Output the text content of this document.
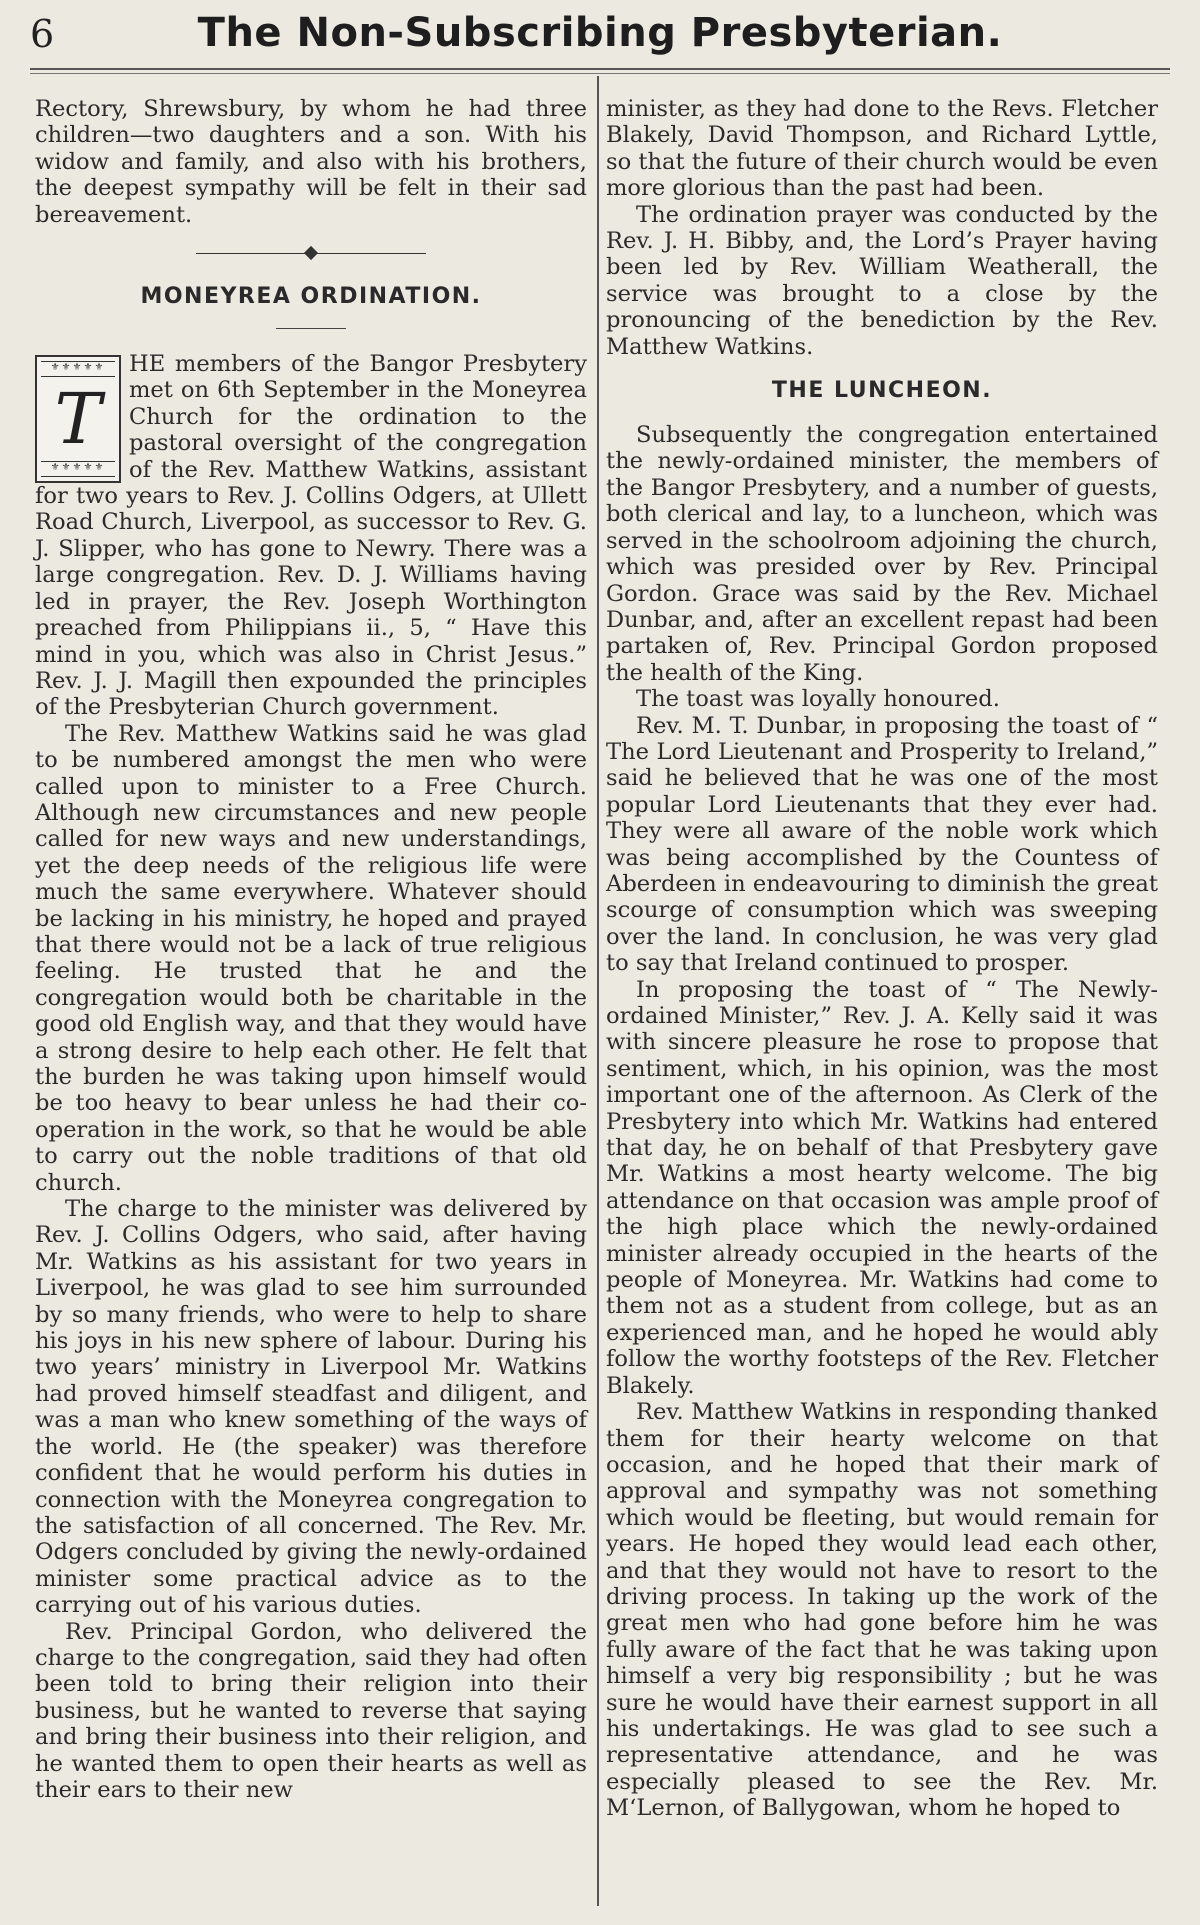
6	The Non-Subscribing Presbyterian.

Rectory, Shrewsbury, by whom he had three children—two daughters and a son. With his widow and family, and also with his brothers, the deepest sympathy will be felt in their sad bereavement.

MONEYREA ORDINATION.
⚜⚜⚜⚜⚜
T
⚜⚜⚜⚜⚜

HE members of the Bangor Presbytery met on 6th September in the Moneyrea Church for the ordination to the pastoral oversight of the congregation of the Rev. Matthew Watkins, assistant for two years to Rev. J. Collins Odgers, at Ullett Road Church, Liverpool, as successor to Rev. G. J. Slipper, who has gone to Newry. There was a large congregation. Rev. D. J. Williams having led in prayer, the Rev. Joseph Worthington preached from Philippians ii., 5, “ Have this mind in you, which was also in Christ Jesus.” Rev. J. J. Magill then expounded the principles of the Presbyterian Church government.

The Rev. Matthew Watkins said he was glad to be numbered amongst the men who were called upon to minister to a Free Church. Although new circumstances and new people called for new ways and new understandings, yet the deep needs of the religious life were much the same everywhere. Whatever should be lacking in his ministry, he hoped and prayed that there would not be a lack of true religious feeling. He trusted that he and the congregation would both be charitable in the good old English way, and that they would have a strong desire to help each other. He felt that the burden he was taking upon himself would be too heavy to bear unless he had their co-operation in the work, so that he would be able to carry out the noble traditions of that old church.

The charge to the minister was delivered by Rev. J. Collins Odgers, who said, after having Mr. Watkins as his assistant for two years in Liverpool, he was glad to see him surrounded by so many friends, who were to help to share his joys in his new sphere of labour. During his two years’ ministry in Liverpool Mr. Watkins had proved himself steadfast and diligent, and was a man who knew something of the ways of the world. He (the speaker) was therefore confident that he would perform his duties in connection with the Moneyrea congregation to the satisfaction of all concerned. The Rev. Mr. Odgers concluded by giving the newly-ordained minister some practical advice as to the carrying out of his various duties.

Rev. Principal Gordon, who delivered the charge to the congregation, said they had often been told to bring their religion into their business, but he wanted to reverse that saying and bring their business into their religion, and he wanted them to open their hearts as well as their ears to their new

minister, as they had done to the Revs. Fletcher Blakely, David Thompson, and Richard Lyttle, so that the future of their church would be even more glorious than the past had been.

The ordination prayer was conducted by the Rev. J. H. Bibby, and, the Lord’s Prayer having been led by Rev. William Weatherall, the service was brought to a close by the pronouncing of the benediction by the Rev. Matthew Watkins.

THE LUNCHEON.

Subsequently the congregation entertained the newly-ordained minister, the members of the Bangor Presbytery, and a number of guests, both clerical and lay, to a luncheon, which was served in the schoolroom adjoining the church, which was presided over by Rev. Principal Gordon. Grace was said by the Rev. Michael Dunbar, and, after an excellent repast had been partaken of, Rev. Principal Gordon proposed the health of the King.

The toast was loyally honoured.

Rev. M. T. Dunbar, in proposing the toast of “ The Lord Lieutenant and Prosperity to Ireland,” said he believed that he was one of the most popular Lord Lieutenants that they ever had. They were all aware of the noble work which was being accomplished by the Countess of Aberdeen in endeavouring to diminish the great scourge of consumption which was sweeping over the land. In conclusion, he was very glad to say that Ireland continued to prosper.

In proposing the toast of “ The Newly-ordained Minister,” Rev. J. A. Kelly said it was with sincere pleasure he rose to propose that sentiment, which, in his opinion, was the most important one of the afternoon. As Clerk of the Presbytery into which Mr. Watkins had entered that day, he on behalf of that Presbytery gave Mr. Watkins a most hearty welcome. The big attendance on that occasion was ample proof of the high place which the newly-ordained minister already occupied in the hearts of the people of Moneyrea. Mr. Watkins had come to them not as a student from college, but as an experienced man, and he hoped he would ably follow the worthy footsteps of the Rev. Fletcher Blakely.

Rev. Matthew Watkins in responding thanked them for their hearty welcome on that occasion, and he hoped that their mark of approval and sympathy was not something which would be fleeting, but would remain for years. He hoped they would lead each other, and that they would not have to resort to the driving process. In taking up the work of the great men who had gone before him he was fully aware of the fact that he was taking upon himself a very big responsibility ; but he was sure he would have their earnest support in all his undertakings. He was glad to see such a representative attendance, and he was especially pleased to see the Rev. Mr. M‘Lernon, of Ballygowan, whom he hoped to
